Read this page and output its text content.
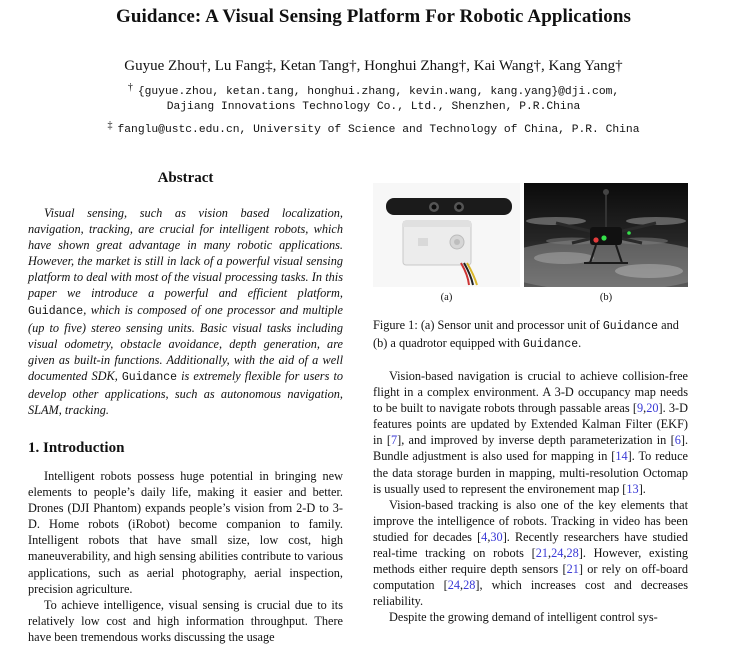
Guidance: A Visual Sensing Platform For Robotic Applications
Guyue Zhou†, Lu Fang‡, Ketan Tang†, Honghui Zhang†, Kai Wang†, Kang Yang†
† {guyue.zhou, ketan.tang, honghui.zhang, kevin.wang, kang.yang}@dji.com,
Dajiang Innovations Technology Co., Ltd., Shenzhen, P.R.China
‡ fanglu@ustc.edu.cn, University of Science and Technology of China, P.R. China
Abstract
Visual sensing, such as vision based localization, navigation, tracking, are crucial for intelligent robots, which have shown great advantage in many robotic applications. However, the market is still in lack of a powerful visual sensing platform to deal with most of the visual processing tasks. In this paper we introduce a powerful and efficient platform, Guidance, which is composed of one processor and multiple (up to five) stereo sensing units. Basic visual tasks including visual odometry, obstacle avoidance, depth generation, are given as built-in functions. Additionally, with the aid of a well documented SDK, Guidance is extremely flexible for users to develop other applications, such as autonomous navigation, SLAM, tracking.
1. Introduction

Intelligent robots possess huge potential in bringing new elements to people’s daily life, making it easier and better. Drones (DJI Phantom) expands people’s vision from 2-D to 3-D. Home robots (iRobot) become companion to family. Intelligent robots that have small size, low cost, high maneuverability, and high sensing abilities contribute to various applications, such as aerial photography, aerial inspection, precision agriculture.

To achieve intelligence, visual sensing is crucial due to its relatively low cost and high information throughput. There have been tremendous works discussing the usage

(a)	(b)
Figure 1: (a) Sensor unit and processor unit of Guidance and (b) a quadrotor equipped with Guidance.

Vision-based navigation is crucial to achieve collision-free flight in a complex environment. A 3-D occupancy map needs to be built to navigate robots through passable areas [9,20]. 3-D features points are updated by Extended Kalman Filter (EKF) in [7], and improved by inverse depth parameterization in [6]. Bundle adjustment is also used for mapping in [14]. To reduce the data storage burden in mapping, multi-resolution Octomap is usually used to represent the environement map [13].

Vision-based tracking is also one of the key elements that improve the intelligence of robots. Tracking in video has been studied for decades [4,30]. Recently researchers have studied real-time tracking on robots [21,24,28]. However, existing methods either require depth sensors [21] or rely on off-board computation [24,28], which increases cost and decreases reliability.

Despite the growing demand of intelligent control sys-
